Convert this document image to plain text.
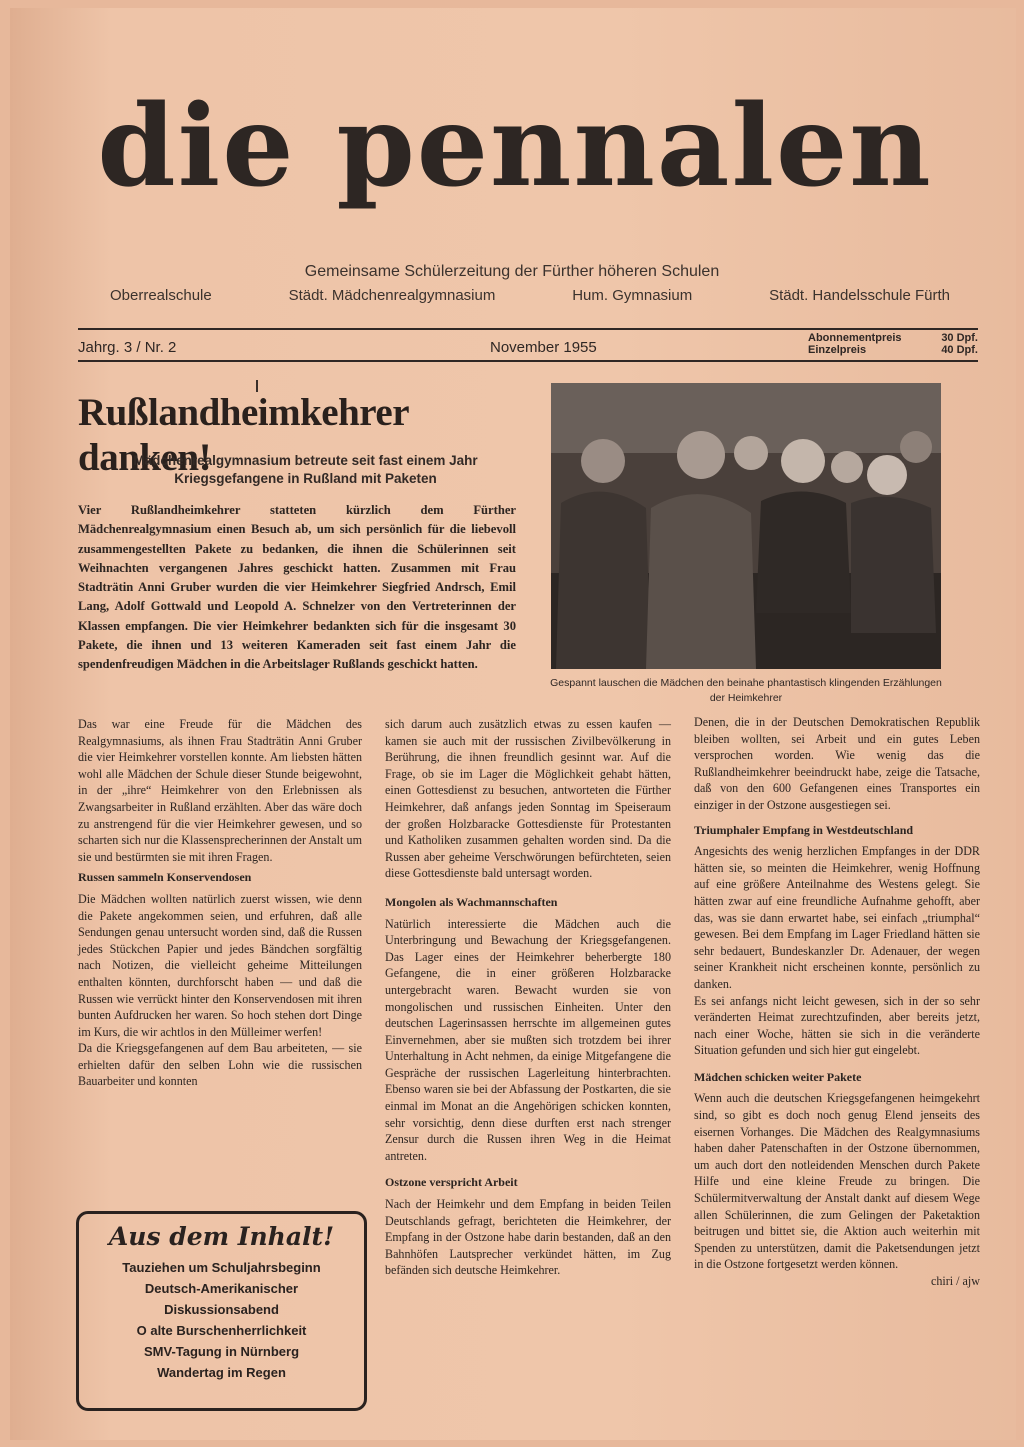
die pennalen
Gemeinsame Schülerzeitung der Fürther höheren Schulen
Oberrealschule	Städt. Mädchenrealgymnasium	Hum. Gymnasium	Städt. Handelsschule Fürth
Jahrg. 3 / Nr. 2	November 1955
Abonnementpreis	30 Dpf.
Einzelpreis	40 Dpf.
Rußlandheimkehrer danken!
Mädchenrealgymnasium betreute seit fast einem Jahr Kriegsgefangene in Rußland mit Paketen
Vier Rußlandheimkehrer statteten kürzlich dem Fürther Mädchenrealgymnasium einen Besuch ab, um sich persönlich für die liebevoll zusammengestellten Pakete zu bedanken, die ihnen die Schülerinnen seit Weihnachten vergangenen Jahres geschickt hatten. Zusammen mit Frau Stadträtin Anni Gruber wurden die vier Heimkehrer Siegfried Andrsch, Emil Lang, Adolf Gottwald und Leopold A. Schnelzer von den Vertreterinnen der Klassen empfangen. Die vier Heimkehrer bedankten sich für die insgesamt 30 Pakete, die ihnen und 13 weiteren Kameraden seit fast einem Jahr die spendenfreudigen Mädchen in die Arbeitslager Rußlands geschickt hatten.
Gespannt lauschen die Mädchen den beinahe phantastisch klingenden Erzählungen der Heimkehrer

Das war eine Freude für die Mädchen des Realgymnasiums, als ihnen Frau Stadträtin Anni Gruber die vier Heimkehrer vorstellen konnte. Am liebsten hätten wohl alle Mädchen der Schule dieser Stunde beigewohnt, in der „ihre“ Heimkehrer von den Erlebnissen als Zwangsarbeiter in Rußland erzählten. Aber das wäre doch zu anstrengend für die vier Heimkehrer gewesen, und so scharten sich nur die Klassensprecherinnen der Anstalt um sie und bestürmten sie mit ihren Fragen.

Russen sammeln Konservendosen

Die Mädchen wollten natürlich zuerst wissen, wie denn die Pakete angekommen seien, und erfuhren, daß alle Sendungen genau untersucht worden sind, daß die Russen jedes Stückchen Papier und jedes Bändchen sorgfältig nach Notizen, die vielleicht geheime Mitteilungen enthalten könnten, durchforscht haben — und daß die Russen wie verrückt hinter den Konservendosen mit ihren bunten Aufdrucken her waren. So hoch stehen dort Dinge im Kurs, die wir achtlos in den Mülleimer werfen!

Da die Kriegsgefangenen auf dem Bau arbeiteten, — sie erhielten dafür den selben Lohn wie die russischen Bauarbeiter und konnten

sich darum auch zusätzlich etwas zu essen kaufen — kamen sie auch mit der russischen Zivilbevölkerung in Berührung, die ihnen freundlich gesinnt war. Auf die Frage, ob sie im Lager die Möglichkeit gehabt hätten, einen Gottesdienst zu besuchen, antworteten die Fürther Heimkehrer, daß anfangs jeden Sonntag im Speiseraum der großen Holzbaracke Gottesdienste für Protestanten und Katholiken zusammen gehalten worden sind. Da die Russen aber geheime Verschwörungen befürchteten, seien diese Gottesdienste bald untersagt worden.

Mongolen als Wachmannschaften

Natürlich interessierte die Mädchen auch die Unterbringung und Bewachung der Kriegsgefangenen. Das Lager eines der Heimkehrer beherbergte 180 Gefangene, die in einer größeren Holzbaracke untergebracht waren. Bewacht wurden sie von mongolischen und russischen Einheiten. Unter den deutschen Lagerinsassen herrschte im allgemeinen gutes Einvernehmen, aber sie mußten sich trotzdem bei ihrer Unterhaltung in Acht nehmen, da einige Mitgefangene die Gespräche der russischen Lagerleitung hinterbrachten. Ebenso waren sie bei der Abfassung der Postkarten, die sie einmal im Monat an die Angehörigen schicken konnten, sehr vorsichtig, denn diese durften erst nach strenger Zensur durch die Russen ihren Weg in die Heimat antreten.

Ostzone verspricht Arbeit

Nach der Heimkehr und dem Empfang in beiden Teilen Deutschlands gefragt, berichteten die Heimkehrer, der Empfang in der Ostzone habe darin bestanden, daß an den Bahnhöfen Lautsprecher verkündet hätten, im Zug befänden sich deutsche Heimkehrer.

Denen, die in der Deutschen Demokratischen Republik bleiben wollten, sei Arbeit und ein gutes Leben versprochen worden. Wie wenig das die Rußlandheimkehrer beeindruckt habe, zeige die Tatsache, daß von den 600 Gefangenen eines Transportes ein einziger in der Ostzone ausgestiegen sei.

Triumphaler Empfang in Westdeutschland

Angesichts des wenig herzlichen Empfanges in der DDR hätten sie, so meinten die Heimkehrer, wenig Hoffnung auf eine größere Anteilnahme des Westens gelegt. Sie hätten zwar auf eine freundliche Aufnahme gehofft, aber das, was sie dann erwartet habe, sei einfach „triumphal“ gewesen. Bei dem Empfang im Lager Friedland hätten sie sehr bedauert, Bundeskanzler Dr. Adenauer, der wegen seiner Krankheit nicht erscheinen konnte, persönlich zu danken.

Es sei anfangs nicht leicht gewesen, sich in der so sehr veränderten Heimat zurechtzufinden, aber bereits jetzt, nach einer Woche, hätten sie sich in die veränderte Situation gefunden und sich hier gut eingelebt.

Mädchen schicken weiter Pakete

Wenn auch die deutschen Kriegsgefangenen heimgekehrt sind, so gibt es doch noch genug Elend jenseits des eisernen Vorhanges. Die Mädchen des Realgymnasiums haben daher Patenschaften in der Ostzone übernommen, um auch dort den notleidenden Menschen durch Pakete Hilfe und eine kleine Freude zu bringen. Die Schülermitverwaltung der Anstalt dankt auf diesem Wege allen Schülerinnen, die zum Gelingen der Paketaktion beitrugen und bittet sie, die Aktion auch weiterhin mit Spenden zu unterstützen, damit die Paketsendungen jetzt in die Ostzone fortgesetzt werden können.

chiri / ajw

Aus dem Inhalt!
Tauziehen um Schuljahrsbeginn
Deutsch-Amerikanischer Diskussionsabend
O alte Burschenherrlichkeit
SMV-Tagung in Nürnberg
Wandertag im Regen
